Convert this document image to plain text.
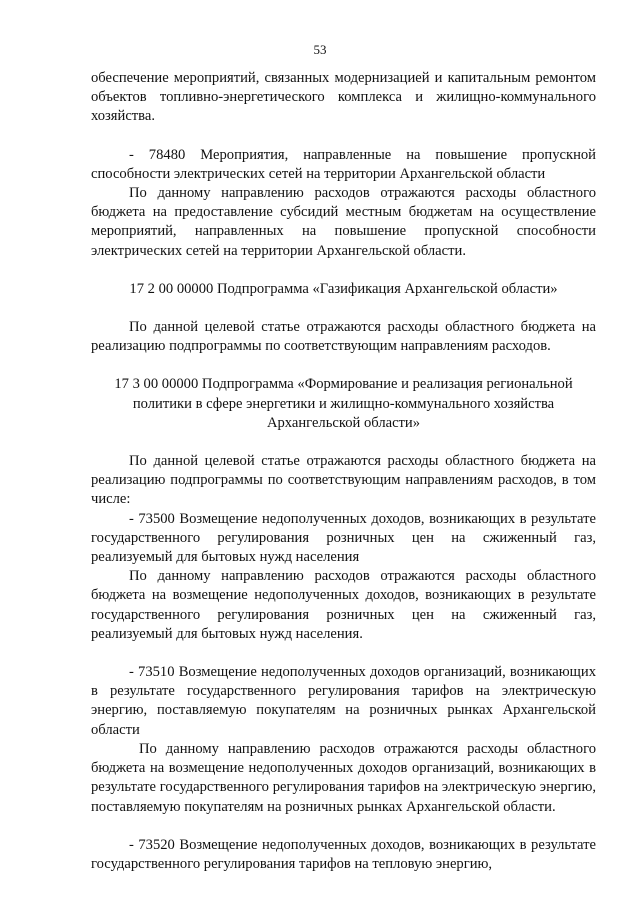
53

обеспечение мероприятий, связанных модернизацией и капитальным ремонтом объектов топливно-энергетического комплекса и жилищно-коммунального хозяйства.

- 78480 Мероприятия, направленные на повышение пропускной способности электрических сетей на территории Архангельской области

По данному направлению расходов отражаются расходы областного бюджета на предоставление субсидий местным бюджетам на осуществление мероприятий, направленных на повышение пропускной способности электрических сетей на территории Архангельской области.

17 2 00 00000 Подпрограмма «Газификация Архангельской области»

По данной целевой статье отражаются расходы областного бюджета на реализацию подпрограммы по соответствующим направлениям расходов.

17 3 00 00000 Подпрограмма «Формирование и реализация региональной политики в сфере энергетики и жилищно-коммунального хозяйства Архангельской области»

По данной целевой статье отражаются расходы областного бюджета на реализацию подпрограммы по соответствующим направлениям расходов, в том числе:

- 73500 Возмещение недополученных доходов, возникающих в результате государственного регулирования розничных цен на сжиженный газ, реализуемый для бытовых нужд населения

По данному направлению расходов отражаются расходы областного бюджета на возмещение недополученных доходов, возникающих в результате государственного регулирования розничных цен на сжиженный газ, реализуемый для бытовых нужд населения.

- 73510 Возмещение недополученных доходов организаций, возникающих в результате государственного регулирования тарифов на электрическую энергию, поставляемую покупателям на розничных рынках Архангельской области

По данному направлению расходов отражаются расходы областного бюджета на возмещение недополученных доходов организаций, возникающих в результате государственного регулирования тарифов на электрическую энергию, поставляемую покупателям на розничных рынках Архангельской области.

- 73520 Возмещение недополученных доходов, возникающих в результате государственного регулирования тарифов на тепловую энергию,
